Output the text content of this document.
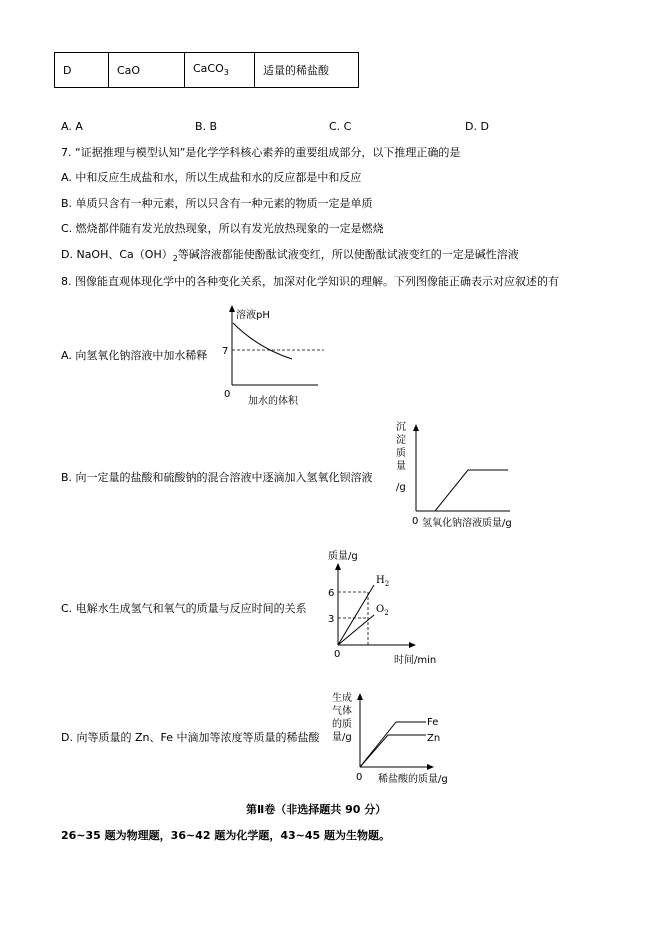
D	CaO	CaCO$_3$	适量的稀盐酸
A. A	B. B	C. C	D. D
7. “证据推理与模型认知”是化学学科核心素养的重要组成部分，以下推理正确的是
A. 中和反应生成盐和水，所以生成盐和水的反应都是中和反应
B. 单质只含有一种元素，所以只含有一种元素的物质一定是单质
C. 燃烧都伴随有发光放热现象，所以有发光放热现象的一定是燃烧
D. NaOH、$Ca(OH)_2$等碱溶液都能使酚酞试液变红，所以使酚酞试液变红的一定是碱性溶液
8. 图像能直观体现化学中的各种变化关系，加深对化学知识的理解。下列图像能正确表示对应叙述的有
A. 向氢氧化钠溶液中加水稀释
溶液pH
7
0
加水的体积
B. 向一定量的盐酸和硫酸钠的混合溶液中逐滴加入氢氧化钡溶液
沉
淀
质
量
/g
0 氢氧化钠溶液质量/g
C. 电解水生成氢气和氧气的质量与反应时间的关系
质量/g
6
3
$H_2$
$O_2$
0
时间/min
D. 向等质量的 Zn、Fe 中滴加等浓度等质量的稀盐酸
生成
气体
的质
量/g
Fe
Zn
0 稀盐酸的质量/g
第Ⅱ卷（非选择题共 90 分）
26~35 题为物理题，36~42 题为化学题，43~45 题为生物题。
